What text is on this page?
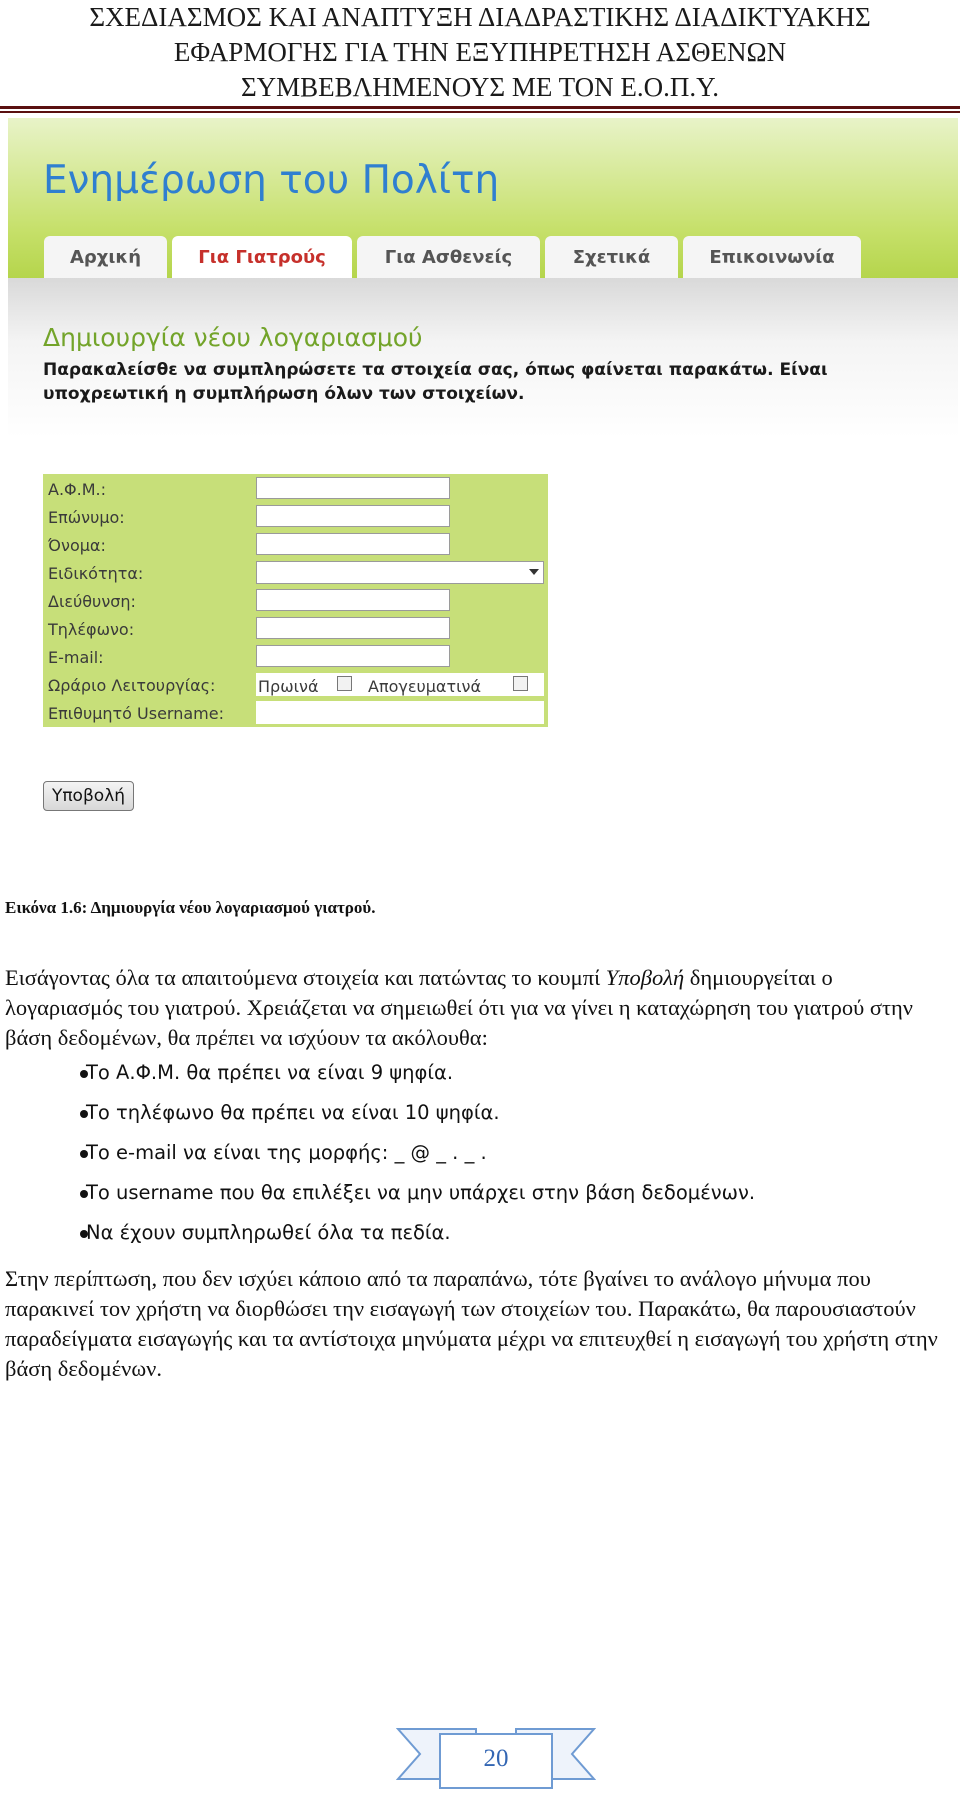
ΣΧΕΔΙΑΣΜΟΣ ΚΑΙ ΑΝΑΠΤΥΞΗ ΔΙΑΔΡΑΣΤΙΚΗΣ ΔΙΑΔΙΚΤΥΑΚΗΣ
ΕΦΑΡΜΟΓΗΣ ΓΙΑ ΤΗΝ ΕΞΥΠΗΡΕΤΗΣΗ ΑΣΘΕΝΩΝ
ΣΥΜΒΕΒΛΗΜΕΝΟΥΣ ΜΕ ΤΟΝ Ε.Ο.Π.Υ.
Ενημέρωση του Πολίτη
Αρχική	Για Γιατρούς	Για Ασθενείς	Σχετικά	Επικοινωνία
Δημιουργία νέου λογαριασμού
Παρακαλείσθε να συμπληρώσετε τα στοιχεία σας, όπως φαίνεται παρακάτω. Είναι υποχρεωτική η συμπλήρωση όλων των στοιχείων.
Α.Φ.Μ.:
Επώνυμο:
Όνομα:
Ειδικότητα:
Διεύθυνση:
Τηλέφωνο:
E-mail:
Ωράριο Λειτουργίας:	Πρωινά	Απογευματινά
Επιθυμητό Username:
Υποβολή
Εικόνα 1.6: Δημιουργία νέου λογαριασμού γιατρού.
Εισάγοντας όλα τα απαιτούμενα στοιχεία και πατώντας το κουμπί Υποβολή δημιουργείται ο λογαριασμός του γιατρού. Χρειάζεται να σημειωθεί ότι για να γίνει η καταχώρηση του γιατρού στην βάση δεδομένων, θα πρέπει να ισχύουν τα ακόλουθα:
Το Α.Φ.Μ. θα πρέπει να είναι 9 ψηφία.
Το τηλέφωνο θα πρέπει να είναι 10 ψηφία.
Το e-mail να είναι της μορφής: _ @ _ . _ .
Το username που θα επιλέξει να μην υπάρχει στην βάση δεδομένων.
Να έχουν συμπληρωθεί όλα τα πεδία.
Στην περίπτωση, που δεν ισχύει κάποιο από τα παραπάνω, τότε βγαίνει το ανάλογο μήνυμα που παρακινεί τον χρήστη να διορθώσει την εισαγωγή των στοιχείων του. Παρακάτω, θα παρουσιαστούν παραδείγματα εισαγωγής και τα αντίστοιχα μηνύματα μέχρι να επιτευχθεί η εισαγωγή του χρήστη στην βάση δεδομένων.
20
